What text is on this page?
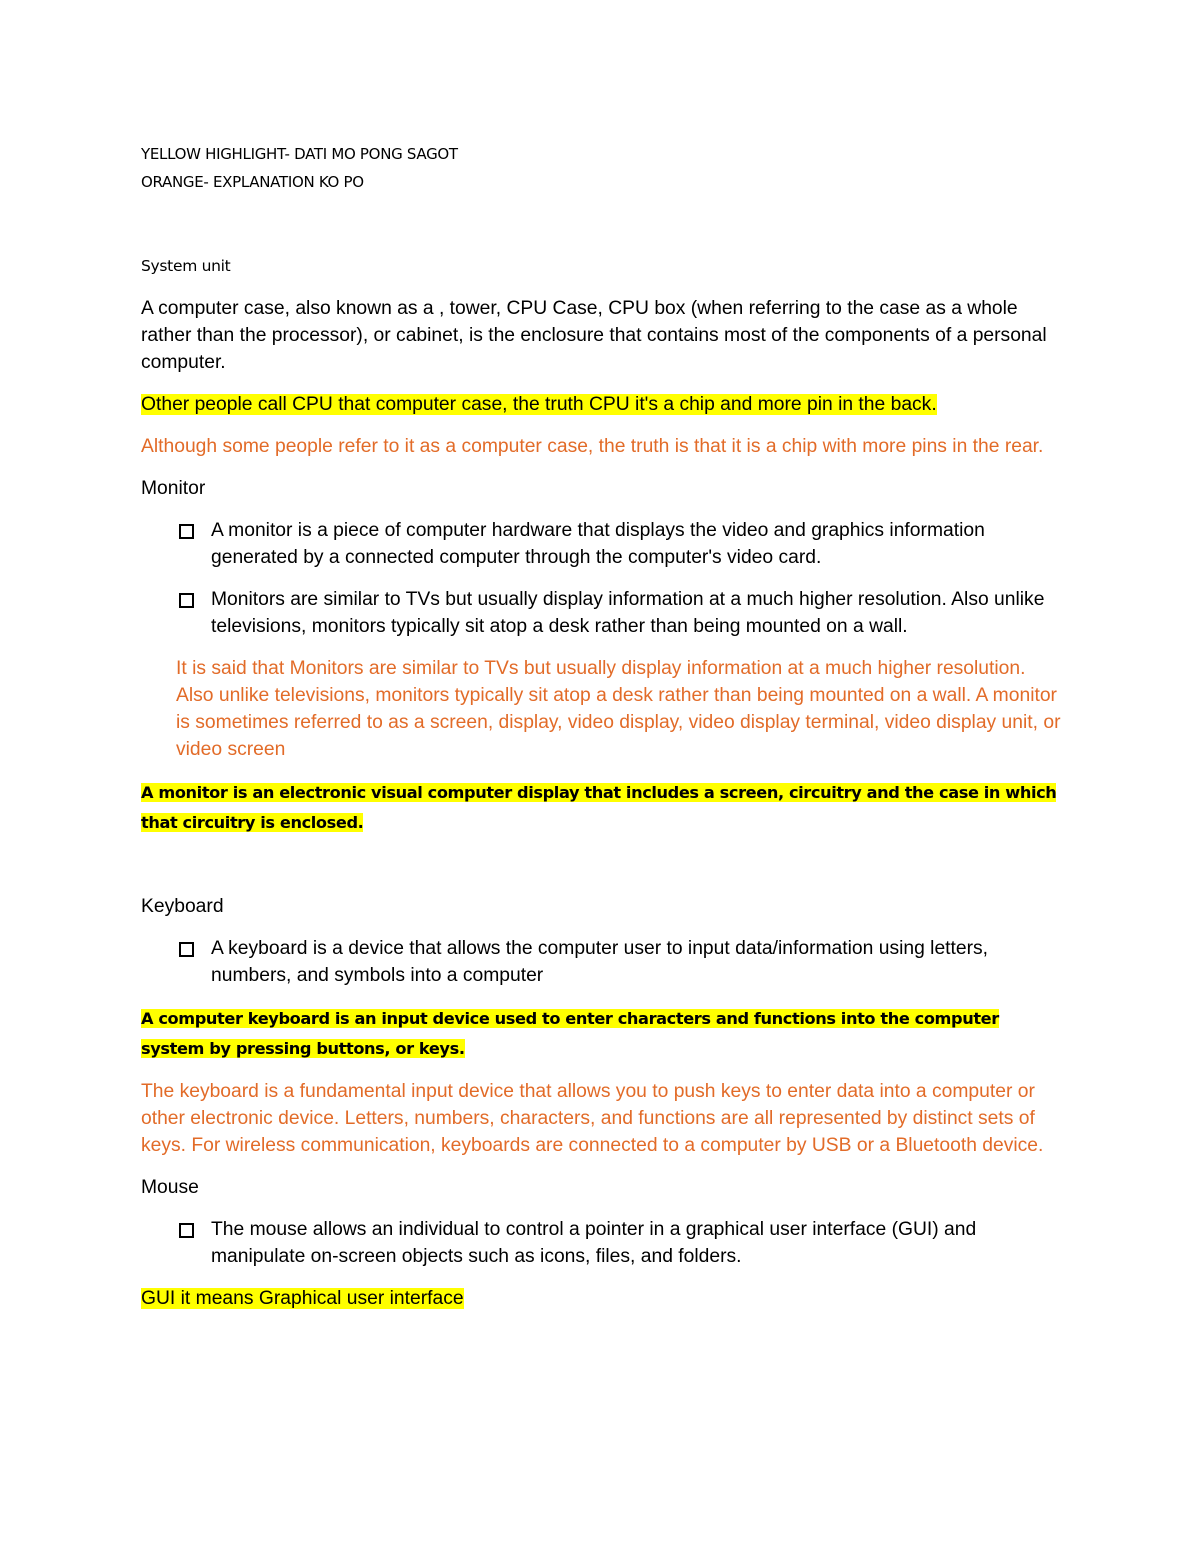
YELLOW HIGHLIGHT- DATI MO PONG SAGOT

ORANGE- EXPLANATION KO PO

System unit

A computer case, also known as a , tower, CPU Case, CPU box (when referring to the case as a whole rather than the processor), or cabinet, is the enclosure that contains most of the components of a personal computer.

Other people call CPU that computer case, the truth CPU it's a chip and more pin in the back.

Although some people refer to it as a computer case, the truth is that it is a chip with more pins in the rear.

Monitor

A monitor is a piece of computer hardware that displays the video and graphics information generated by a connected computer through the computer's video card.
Monitors are similar to TVs but usually display information at a much higher resolution. Also unlike televisions, monitors typically sit atop a desk rather than being mounted on a wall.

It is said that Monitors are similar to TVs but usually display information at a much higher resolution. Also unlike televisions, monitors typically sit atop a desk rather than being mounted on a wall. A monitor is sometimes referred to as a screen, display, video display, video display terminal, video display unit, or video screen

A monitor is an electronic visual computer display that includes a screen, circuitry and the case in which that circuitry is enclosed.

Keyboard

A keyboard is a device that allows the computer user to input data/information using letters, numbers, and symbols into a computer

A computer keyboard is an input device used to enter characters and functions into the computer system by pressing buttons, or keys.

The keyboard is a fundamental input device that allows you to push keys to enter data into a computer or other electronic device. Letters, numbers, characters, and functions are all represented by distinct sets of keys. For wireless communication, keyboards are connected to a computer by USB or a Bluetooth device.

Mouse

The mouse allows an individual to control a pointer in a graphical user interface (GUI) and manipulate on-screen objects such as icons, files, and folders.

GUI it means Graphical user interface
